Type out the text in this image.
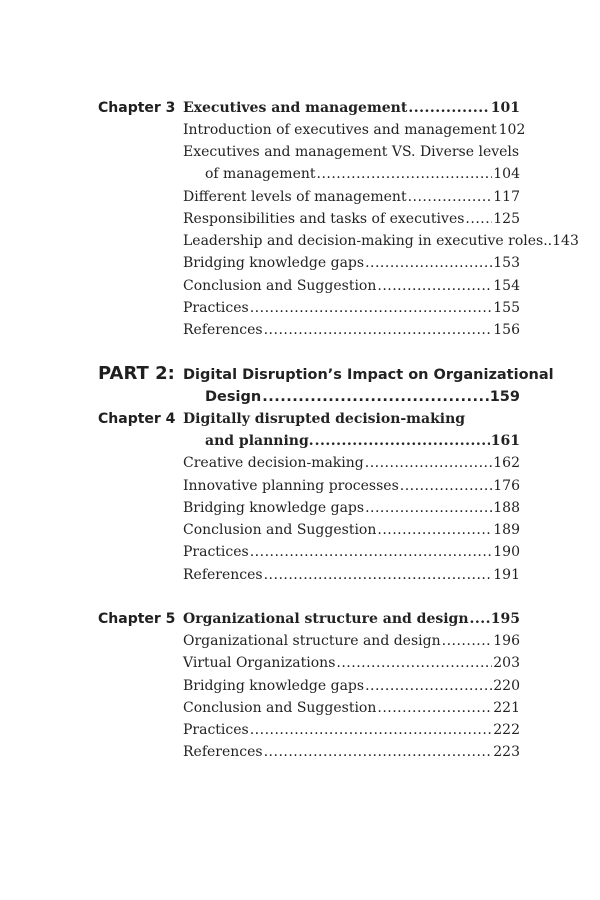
Chapter 3 Executives and management .....	101
Introduction of executives and management 102
Executives and management VS. Diverse levels
of management .....	104
Different levels of management .....	117
Responsibilities and tasks of executives ..... 125
Leadership and decision-making in executive roles.. 143
Bridging knowledge gaps .....	153
Conclusion and Suggestion .....	154
Practices .....	155
References .....	156
PART 2: Digital Disruption’s Impact on Organizational
Design .....	159
Chapter 4 Digitally disrupted decision-making
and planning. .....	161
Creative decision-making .....	162
Innovative planning processes .....	176
Bridging knowledge gaps .....	188
Conclusion and Suggestion .....	189
Practices .....	190
References .....	191
Chapter 5 Organizational structure and design ..... 195
Organizational structure and design .....	196
Virtual Organizations .....	203
Bridging knowledge gaps .....	220
Conclusion and Suggestion .....	221
Practices .....	222
References .....	223
